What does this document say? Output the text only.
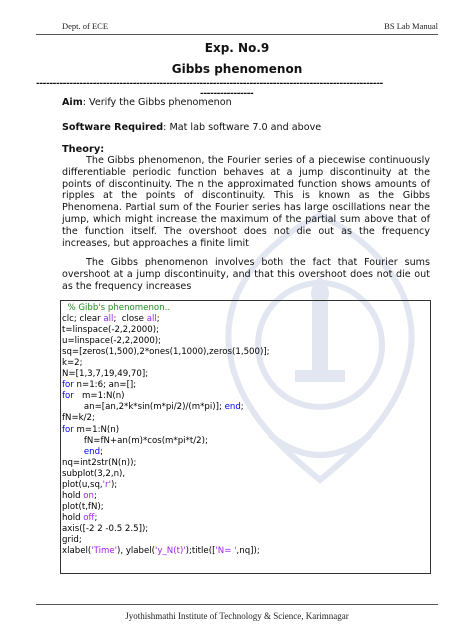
Dept. of ECE	BS Lab Manual
Exp. No.9
Gibbs phenomenon
--------------------------------------------------------------------------------------------------------
----------------
Aim: Verify the Gibbs phenomenon
Software Required: Mat lab software 7.0 and above
Theory:
The Gibbs phenomenon, the Fourier series of a piecewise continuously differentiable periodic function behaves at a jump discontinuity at the points of discontinuity. The n the approximated function shows amounts of ripples at the points of discontinuity. This is known as the Gibbs Phenomena. Partial sum of the Fourier series has large oscillations near the jump, which might increase the maximum of the partial sum above that of the function itself. The overshoot does not die out as the frequency increases, but approaches a finite limit
The Gibbs phenomenon involves both the fact that Fourier sums overshoot at a jump discontinuity, and that this overshoot does not die out as the frequency increases
% Gibb's phenomenon..
clc; clear all;  close all;
t=linspace(-2,2,2000);
u=linspace(-2,2,2000);
sq=[zeros(1,500),2*ones(1,1000),zeros(1,500)];
k=2;
N=[1,3,7,19,49,70];
for n=1:6; an=[];
for   m=1:N(n)
an=[an,2*k*sin(m*pi/2)/(m*pi)]; end;
fN=k/2;
for m=1:N(n)
fN=fN+an(m)*cos(m*pi*t/2);
end;
nq=int2str(N(n));
subplot(3,2,n),
plot(u,sq,'r');
hold on;
plot(t,fN);
hold off;
axis([-2 2 -0.5 2.5]);
grid;
xlabel('Time'), ylabel('y_N(t)');title(['N= ',nq]);
Jyothishmathi Institute of Technology & Science, Karimnagar
